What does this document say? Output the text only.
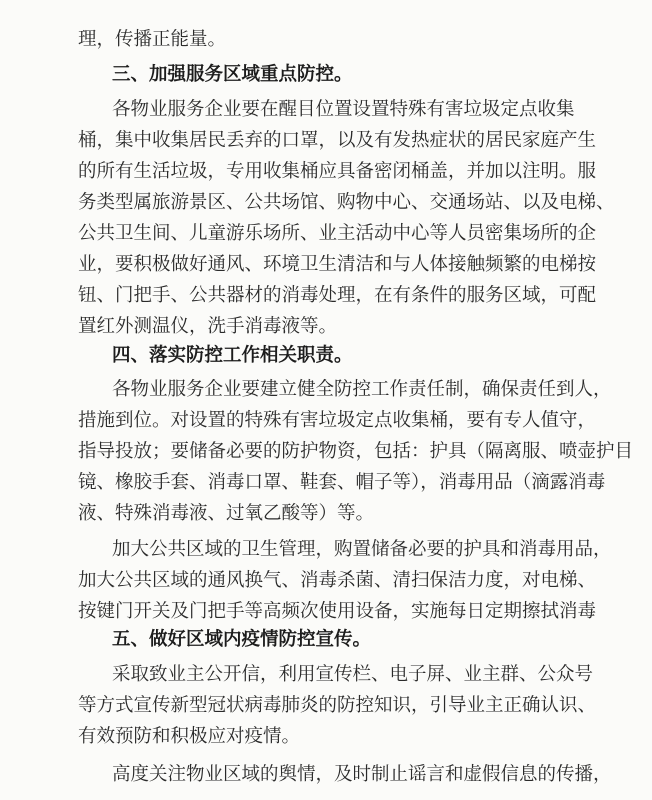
理，传播正能量。
三、加强服务区域重点防控。
各物业服务企业要在醒目位置设置特殊有害垃圾定点收集
桶，集中收集居民丢弃的口罩，以及有发热症状的居民家庭产生
的所有生活垃圾，专用收集桶应具备密闭桶盖，并加以注明。服
务类型属旅游景区、公共场馆、购物中心、交通场站、以及电梯、
公共卫生间、儿童游乐场所、业主活动中心等人员密集场所的企
业，要积极做好通风、环境卫生清洁和与人体接触频繁的电梯按
钮、门把手、公共器材的消毒处理，在有条件的服务区域，可配
置红外测温仪，洗手消毒液等。
四、落实防控工作相关职责。
各物业服务企业要建立健全防控工作责任制，确保责任到人，
措施到位。对设置的特殊有害垃圾定点收集桶，要有专人值守，
指导投放；要储备必要的防护物资，包括：护具（隔离服、喷壶护目
镜、橡胶手套、消毒口罩、鞋套、帽子等），消毒用品（滴露消毒
液、特殊消毒液、过氧乙酸等）等。
加大公共区域的卫生管理，购置储备必要的护具和消毒用品，
加大公共区域的通风换气、消毒杀菌、清扫保洁力度，对电梯、
按键门开关及门把手等高频次使用设备，实施每日定期擦拭消毒
五、做好区域内疫情防控宣传。
采取致业主公开信，利用宣传栏、电子屏、业主群、公众号
等方式宣传新型冠状病毒肺炎的防控知识，引导业主正确认识、
有效预防和积极应对疫情。
高度关注物业区域的舆情，及时制止谣言和虚假信息的传播，
